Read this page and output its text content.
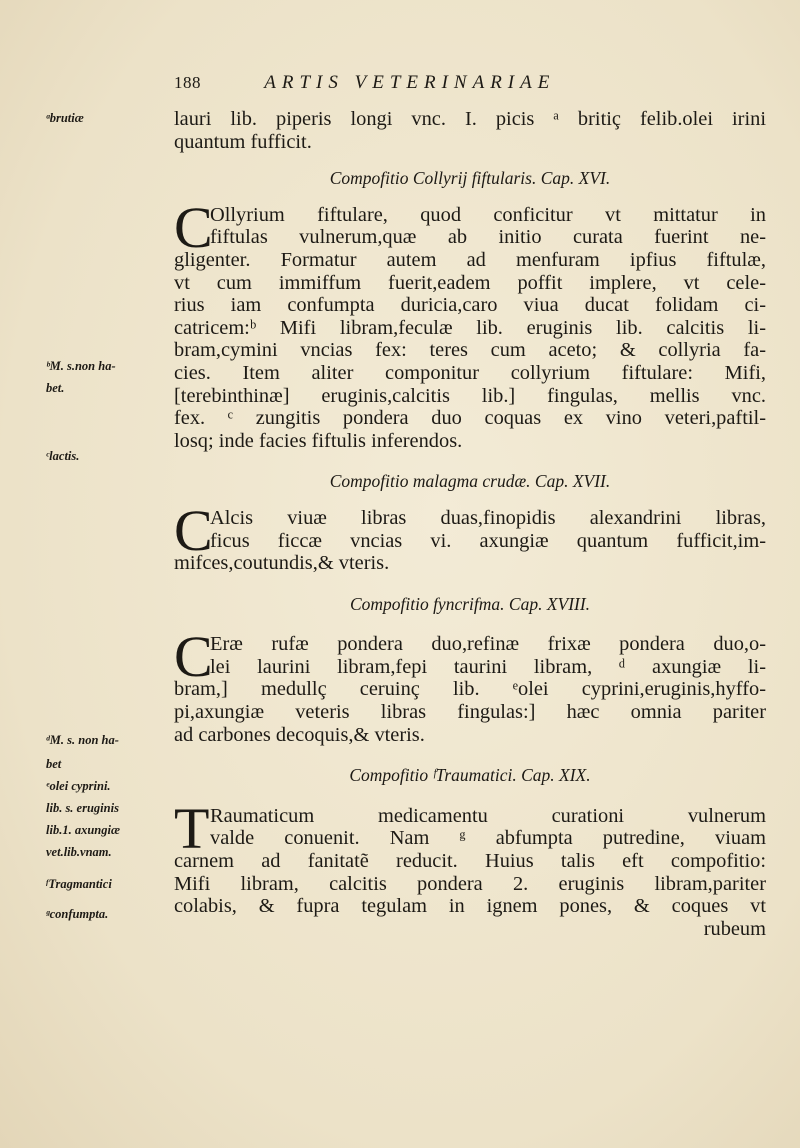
188	ARTIS VETERINARIAE
ᵃbrutiæ
ᵇM. s.non ha-
bet.
ᶜlactis.
ᵈM. s. non ha-
bet
ᵉolei cyprini.
lib. s. eruginis
lib.1. axungiæ
vet.lib.vnam.
ᶠTragmantici
ᵍconfumpta.
lauri lib. piperis longi vnc. I. picis ᵃ britiç felib.olei irini
quantum fufficit.
Compofitio Collyrij fiftularis. Cap. XVI.
C
Ollyrium fiftulare, quod conficitur vt mittatur in
fiftulas vulnerum,quæ ab initio curata fuerint ne-
gligenter. Formatur autem ad menfuram ipfius fiftulæ,
vt cum immiffum fuerit,eadem poffit implere, vt cele-
rius iam confumpta duricia,caro viua ducat folidam ci-
catricem:ᵇ Mifi libram,feculæ lib. eruginis lib. calcitis li-
bram,cymini vncias fex: teres cum aceto; & collyria fa-
cies. Item aliter componitur collyrium fiftulare: Mifi,
[terebinthinæ] eruginis,calcitis lib.] fingulas, mellis vnc.
fex. ᶜ zungitis pondera duo coquas ex vino veteri,paftil-
losq; inde facies fiftulis inferendos.
Compofitio malagma crudæ. Cap. XVII.
C
Alcis viuæ libras duas,finopidis alexandrini libras,
ficus ficcæ vncias vi. axungiæ quantum fufficit,im-
mifces,coutundis,& vteris.
Compofitio fyncrifma. Cap. XVIII.
C
Eræ rufæ pondera duo,refinæ frixæ pondera duo,o-
lei laurini libram,fepi taurini libram, ᵈ axungiæ li-
bram,] medullç ceruinç lib. ᵉolei cyprini,eruginis,hyffo-
pi,axungiæ veteris libras fingulas:] hæc omnia pariter
ad carbones decoquis,& vteris.
Compofitio ᶠTraumatici. Cap. XIX.
T Raumaticum medicamentu curationi vulnerum
valde conuenit. Nam ᵍ abfumpta putredine, viuam
carnem ad fanitatẽ reducit. Huius talis eft compofitio:
Mifi libram, calcitis pondera 2. eruginis libram,pariter
colabis, & fupra tegulam in ignem pones, & coques vt
rubeum
